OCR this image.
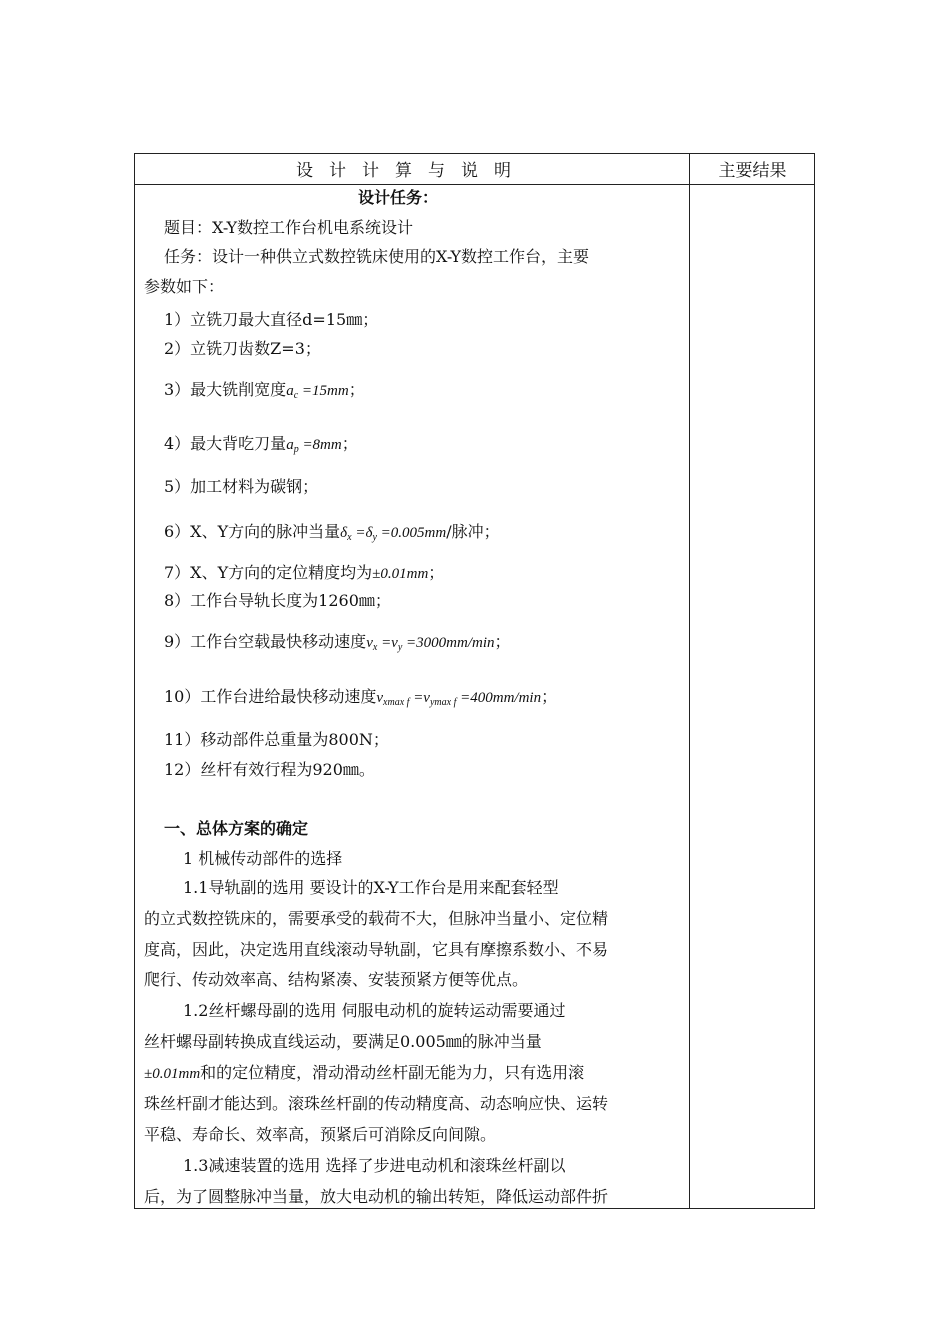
设计计算与说明	主要结果
设计任务：
题目：X-Y数控工作台机电系统设计
任务：设计一种供立式数控铣床使用的X-Y数控工作台，主要
参数如下：
1）立铣刀最大直径d=15㎜；
2）立铣刀齿数Z=3；
3）最大铣削宽度$a_c =15mm$；
4）最大背吃刀量$a_p =8mm$；
5）加工材料为碳钢；
6）X、Y方向的脉冲当量$\delta_x =\delta_y =0.005mm/$脉冲；
7）X、Y方向的定位精度均为±0.01mm；
8）工作台导轨长度为1260㎜；
9）工作台空载最快移动速度$v_x =v_y =3000mm/\min$；
10）工作台进给最快移动速度$v_{xmax f} =v_{ymax f} =400mm/\min$；
11）移动部件总重量为800N；
12）丝杆有效行程为920㎜。
一、总体方案的确定
1 机械传动部件的选择
1.1导轨副的选用 要设计的X-Y工作台是用来配套轻型
的立式数控铣床的，需要承受的载荷不大，但脉冲当量小、定位精
度高，因此，决定选用直线滚动导轨副，它具有摩擦系数小、不易
爬行、传动效率高、结构紧凑、安装预紧方便等优点。
1.2丝杆螺母副的选用 伺服电动机的旋转运动需要通过
丝杆螺母副转换成直线运动，要满足0.005㎜的脉冲当量
±0.01mm和的定位精度，滑动滑动丝杆副无能为力，只有选用滚
珠丝杆副才能达到。滚珠丝杆副的传动精度高、动态响应快、运转
平稳、寿命长、效率高，预紧后可消除反向间隙。
1.3减速装置的选用 选择了步进电动机和滚珠丝杆副以
后，为了圆整脉冲当量，放大电动机的输出转矩，降低运动部件折
